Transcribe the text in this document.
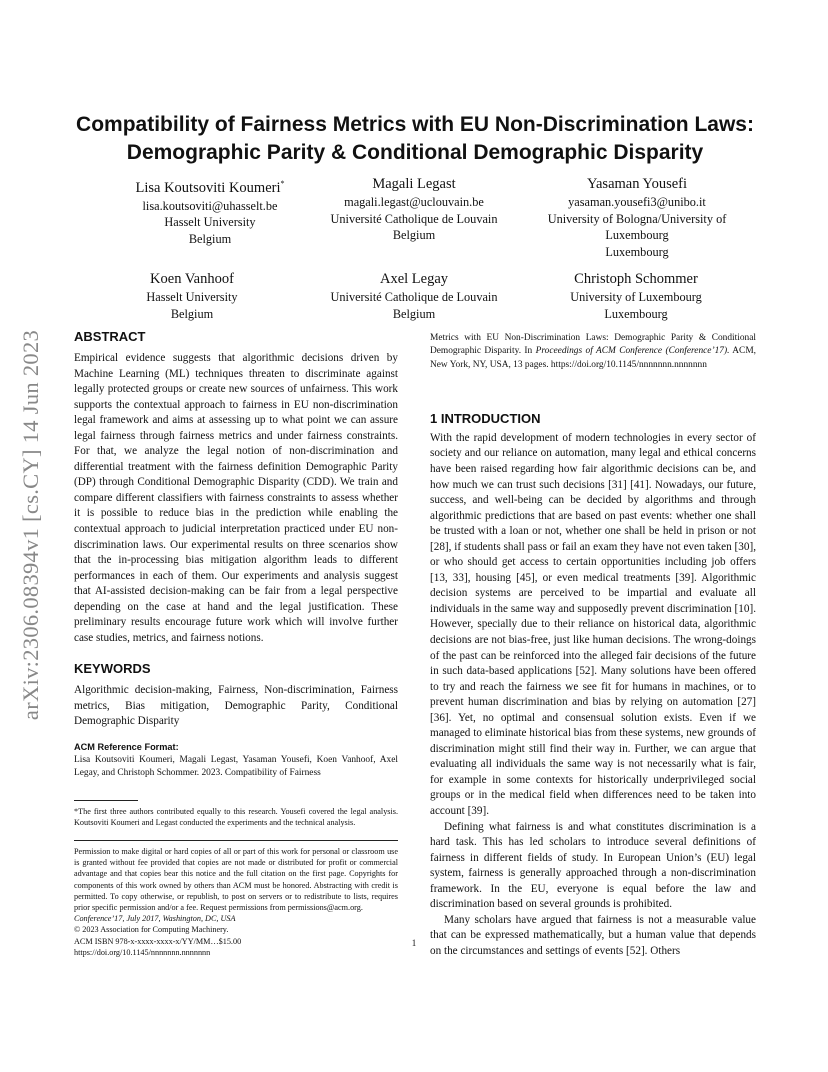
arXiv:2306.08394v1 [cs.CY] 14 Jun 2023
Compatibility of Fairness Metrics with EU Non-Discrimination Laws: Demographic Parity & Conditional Demographic Disparity
Lisa Koutsoviti Koumeri*
lisa.koutsoviti@uhasselt.be
Hasselt University
Belgium
Magali Legast
magali.legast@uclouvain.be
Université Catholique de Louvain
Belgium
Yasaman Yousefi
yasaman.yousefi3@unibo.it
University of Bologna/University of
Luxembourg
Luxembourg
Koen Vanhoof
Hasselt University
Belgium
Axel Legay
Université Catholique de Louvain
Belgium
Christoph Schommer
University of Luxembourg
Luxembourg
ABSTRACT

Empirical evidence suggests that algorithmic decisions driven by Machine Learning (ML) techniques threaten to discriminate against legally protected groups or create new sources of unfairness. This work supports the contextual approach to fairness in EU non-discrimination legal framework and aims at assessing up to what point we can assure legal fairness through fairness metrics and under fairness constraints. For that, we analyze the legal notion of non-discrimination and differential treatment with the fairness definition Demographic Parity (DP) through Conditional Demographic Disparity (CDD). We train and compare different classifiers with fairness constraints to assess whether it is possible to reduce bias in the prediction while enabling the contextual approach to judicial interpretation practiced under EU non-discrimination laws. Our experimental results on three scenarios show that the in-processing bias mitigation algorithm leads to different performances in each of them. Our experiments and analysis suggest that AI-assisted decision-making can be fair from a legal perspective depending on the case at hand and the legal justification. These preliminary results encourage future work which will involve further case studies, metrics, and fairness notions.

KEYWORDS

Algorithmic decision-making, Fairness, Non-discrimination, Fairness metrics, Bias mitigation, Demographic Parity, Conditional Demographic Disparity

ACM Reference Format:

Lisa Koutsoviti Koumeri, Magali Legast, Yasaman Yousefi, Koen Vanhoof, Axel Legay, and Christoph Schommer. 2023. Compatibility of Fairness

*The first three authors contributed equally to this research. Yousefi covered the legal analysis. Koutsoviti Koumeri and Legast conducted the experiments and the technical analysis.

Permission to make digital or hard copies of all or part of this work for personal or classroom use is granted without fee provided that copies are not made or distributed for profit or commercial advantage and that copies bear this notice and the full citation on the first page. Copyrights for components of this work owned by others than ACM must be honored. Abstracting with credit is permitted. To copy otherwise, or republish, to post on servers or to redistribute to lists, requires prior specific permission and/or a fee. Request permissions from permissions@acm.org.

Conference’17, July 2017, Washington, DC, USA

© 2023 Association for Computing Machinery.

ACM ISBN 978-x-xxxx-xxxx-x/YY/MM…$15.00

https://doi.org/10.1145/nnnnnnn.nnnnnnn

Metrics with EU Non-Discrimination Laws: Demographic Parity & Conditional Demographic Disparity. In Proceedings of ACM Conference (Conference’17). ACM, New York, NY, USA, 13 pages. https://doi.org/10.1145/nnnnnnn.nnnnnnn

1 INTRODUCTION

With the rapid development of modern technologies in every sector of society and our reliance on automation, many legal and ethical concerns have been raised regarding how fair algorithmic decisions can be, and how much we can trust such decisions [31] [41]. Nowadays, our future, success, and well-being can be decided by algorithms and through algorithmic predictions that are based on past events: whether one shall be trusted with a loan or not, whether one shall be held in prison or not [28], if students shall pass or fail an exam they have not even taken [30], or who should get access to certain opportunities including job offers [13, 33], housing [45], or even medical treatments [39]. Algorithmic decision systems are perceived to be impartial and evaluate all individuals in the same way and supposedly prevent discrimination [10]. However, specially due to their reliance on historical data, algorithmic decisions are not bias-free, just like human decisions. The wrong-doings of the past can be reinforced into the alleged fair decisions of the future in such data-based applications [52]. Many solutions have been offered to try and reach the fairness we see fit for humans in machines, or to prevent human discrimination and bias by relying on automation [27] [36]. Yet, no optimal and consensual solution exists. Even if we managed to eliminate historical bias from these systems, new grounds of discrimination might still find their way in. Further, we can argue that evaluating all individuals the same way is not necessarily what is fair, for example in some contexts for historically underprivileged social groups or in the medical field when differences need to be taken into account [39].

Defining what fairness is and what constitutes discrimination is a hard task. This has led scholars to introduce several definitions of fairness in different fields of study. In European Union’s (EU) legal system, fairness is generally approached through a non-discrimination framework. In the EU, everyone is equal before the law and discrimination based on several grounds is prohibited.

Many scholars have argued that fairness is not a measurable value that can be expressed mathematically, but a human value that depends on the circumstances and settings of events [52]. Others

1
